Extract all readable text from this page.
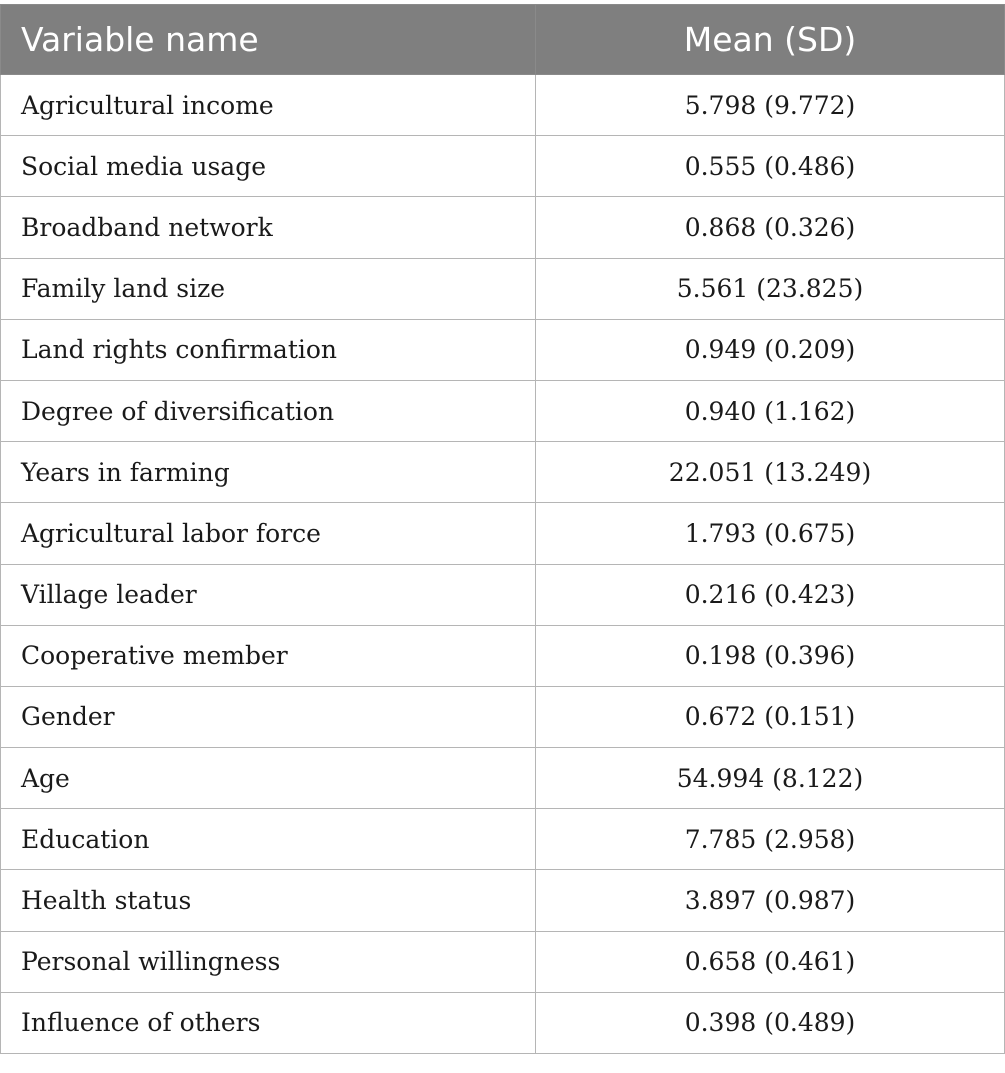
Variable name	Mean (SD)
Agricultural income	5.798 (9.772)
Social media usage	0.555 (0.486)
Broadband network	0.868 (0.326)
Family land size	5.561 (23.825)
Land rights confirmation	0.949 (0.209)
Degree of diversification	0.940 (1.162)
Years in farming	22.051 (13.249)
Agricultural labor force	1.793 (0.675)
Village leader	0.216 (0.423)
Cooperative member	0.198 (0.396)
Gender	0.672 (0.151)
Age	54.994 (8.122)
Education	7.785 (2.958)
Health status	3.897 (0.987)
Personal willingness	0.658 (0.461)
Influence of others	0.398 (0.489)
